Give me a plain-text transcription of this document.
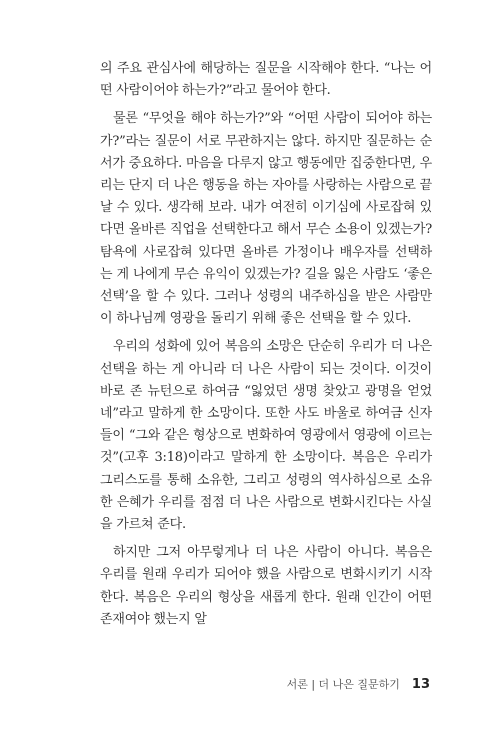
의 주요 관심사에 해당하는 질문을 시작해야 한다. “나는 어떤 사람이어야 하는가?”라고 물어야 한다.

물론 “무엇을 해야 하는가?”와 “어떤 사람이 되어야 하는가?”라는 질문이 서로 무관하지는 않다. 하지만 질문하는 순서가 중요하다. 마음을 다루지 않고 행동에만 집중한다면, 우리는 단지 더 나은 행동을 하는 자아를 사랑하는 사람으로 끝날 수 있다. 생각해 보라. 내가 여전히 이기심에 사로잡혀 있다면 올바른 직업을 선택한다고 해서 무슨 소용이 있겠는가? 탐욕에 사로잡혀 있다면 올바른 가정이나 배우자를 선택하는 게 나에게 무슨 유익이 있겠는가? 길을 잃은 사람도 ‘좋은 선택’을 할 수 있다. 그러나 성령의 내주하심을 받은 사람만이 하나님께 영광을 돌리기 위해 좋은 선택을 할 수 있다.

우리의 성화에 있어 복음의 소망은 단순히 우리가 더 나은 선택을 하는 게 아니라 더 나은 사람이 되는 것이다. 이것이 바로 존 뉴턴으로 하여금 “잃었던 생명 찾았고 광명을 얻었네”라고 말하게 한 소망이다. 또한 사도 바울로 하여금 신자들이 “그와 같은 형상으로 변화하여 영광에서 영광에 이르는 것”(고후 3:18)이라고 말하게 한 소망이다. 복음은 우리가 그리스도를 통해 소유한, 그리고 성령의 역사하심으로 소유한 은혜가 우리를 점점 더 나은 사람으로 변화시킨다는 사실을 가르쳐 준다.

하지만 그저 아무렇게나 더 나은 사람이 아니다. 복음은 우리를 원래 우리가 되어야 했을 사람으로 변화시키기 시작한다. 복음은 우리의 형상을 새롭게 한다. 원래 인간이 어떤 존재여야 했는지 알

서론 | 더 나은 질문하기 13
